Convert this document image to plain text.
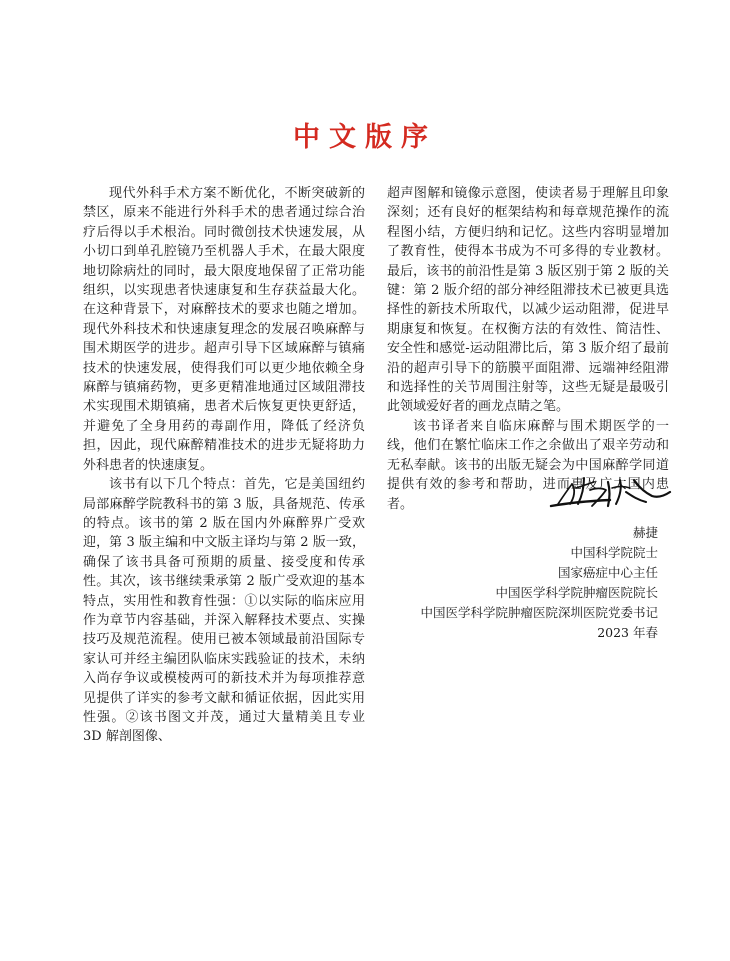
中文版序

现代外科手术方案不断优化，不断突破新的禁区，原来不能进行外科手术的患者通过综合治疗后得以手术根治。同时微创技术快速发展，从小切口到单孔腔镜乃至机器人手术，在最大限度地切除病灶的同时，最大限度地保留了正常功能组织，以实现患者快速康复和生存获益最大化。在这种背景下，对麻醉技术的要求也随之增加。现代外科技术和快速康复理念的发展召唤麻醉与围术期医学的进步。超声引导下区域麻醉与镇痛技术的快速发展，使得我们可以更少地依赖全身麻醉与镇痛药物，更多更精准地通过区域阻滞技术实现围术期镇痛，患者术后恢复更快更舒适，并避免了全身用药的毒副作用，降低了经济负担，因此，现代麻醉精准技术的进步无疑将助力外科患者的快速康复。

该书有以下几个特点：首先，它是美国纽约局部麻醉学院教科书的第 3 版，具备规范、传承的特点。该书的第 2 版在国内外麻醉界广受欢迎，第 3 版主编和中文版主译均与第 2 版一致，确保了该书具备可预期的质量、接受度和传承性。其次，该书继续秉承第 2 版广受欢迎的基本特点，实用性和教育性强：①以实际的临床应用作为章节内容基础，并深入解释技术要点、实操技巧及规范流程。使用已被本领域最前沿国际专家认可并经主编团队临床实践验证的技术，未纳入尚存争议或模棱两可的新技术并为每项推荐意见提供了详实的参考文献和循证依据，因此实用性强。②该书图文并茂，通过大量精美且专业 3D 解剖图像、

超声图解和镜像示意图，使读者易于理解且印象深刻；还有良好的框架结构和每章规范操作的流程图小结，方便归纳和记忆。这些内容明显增加了教育性，使得本书成为不可多得的专业教材。最后，该书的前沿性是第 3 版区别于第 2 版的关键：第 2 版介绍的部分神经阻滞技术已被更具选择性的新技术所取代，以减少运动阻滞，促进早期康复和恢复。在权衡方法的有效性、简洁性、安全性和感觉-运动阻滞比后，第 3 版介绍了最前沿的超声引导下的筋膜平面阻滞、远端神经阻滞和选择性的关节周围注射等，这些无疑是最吸引此领域爱好者的画龙点睛之笔。

该书译者来自临床麻醉与围术期医学的一线，他们在繁忙临床工作之余做出了艰辛劳动和无私奉献。该书的出版无疑会为中国麻醉学同道提供有效的参考和帮助，进而惠及广大国内患者。

赫捷
中国科学院院士
国家癌症中心主任
中国医学科学院肿瘤医院院长
中国医学科学院肿瘤医院深圳医院党委书记
2023 年春
